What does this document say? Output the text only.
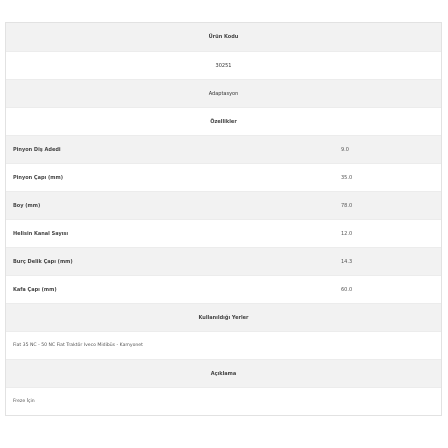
Ürün Kodu
30251
Adaptasyon
Özellikler
Pinyon Diş Adedi	9.0
Pinyon Çapı (mm)	35.0
Boy (mm)	78.0
Helisin Kanal Sayısı	12.0
Burç Delik Çapı (mm)	14.3
Kafa Çapı (mm)	60.0
Kullanıldığı Yerler
Fiat 35 NC - 50 NC Fiat Traktör Iveco Midibüs - Kamyonet
Açıklama
Freze İçin
